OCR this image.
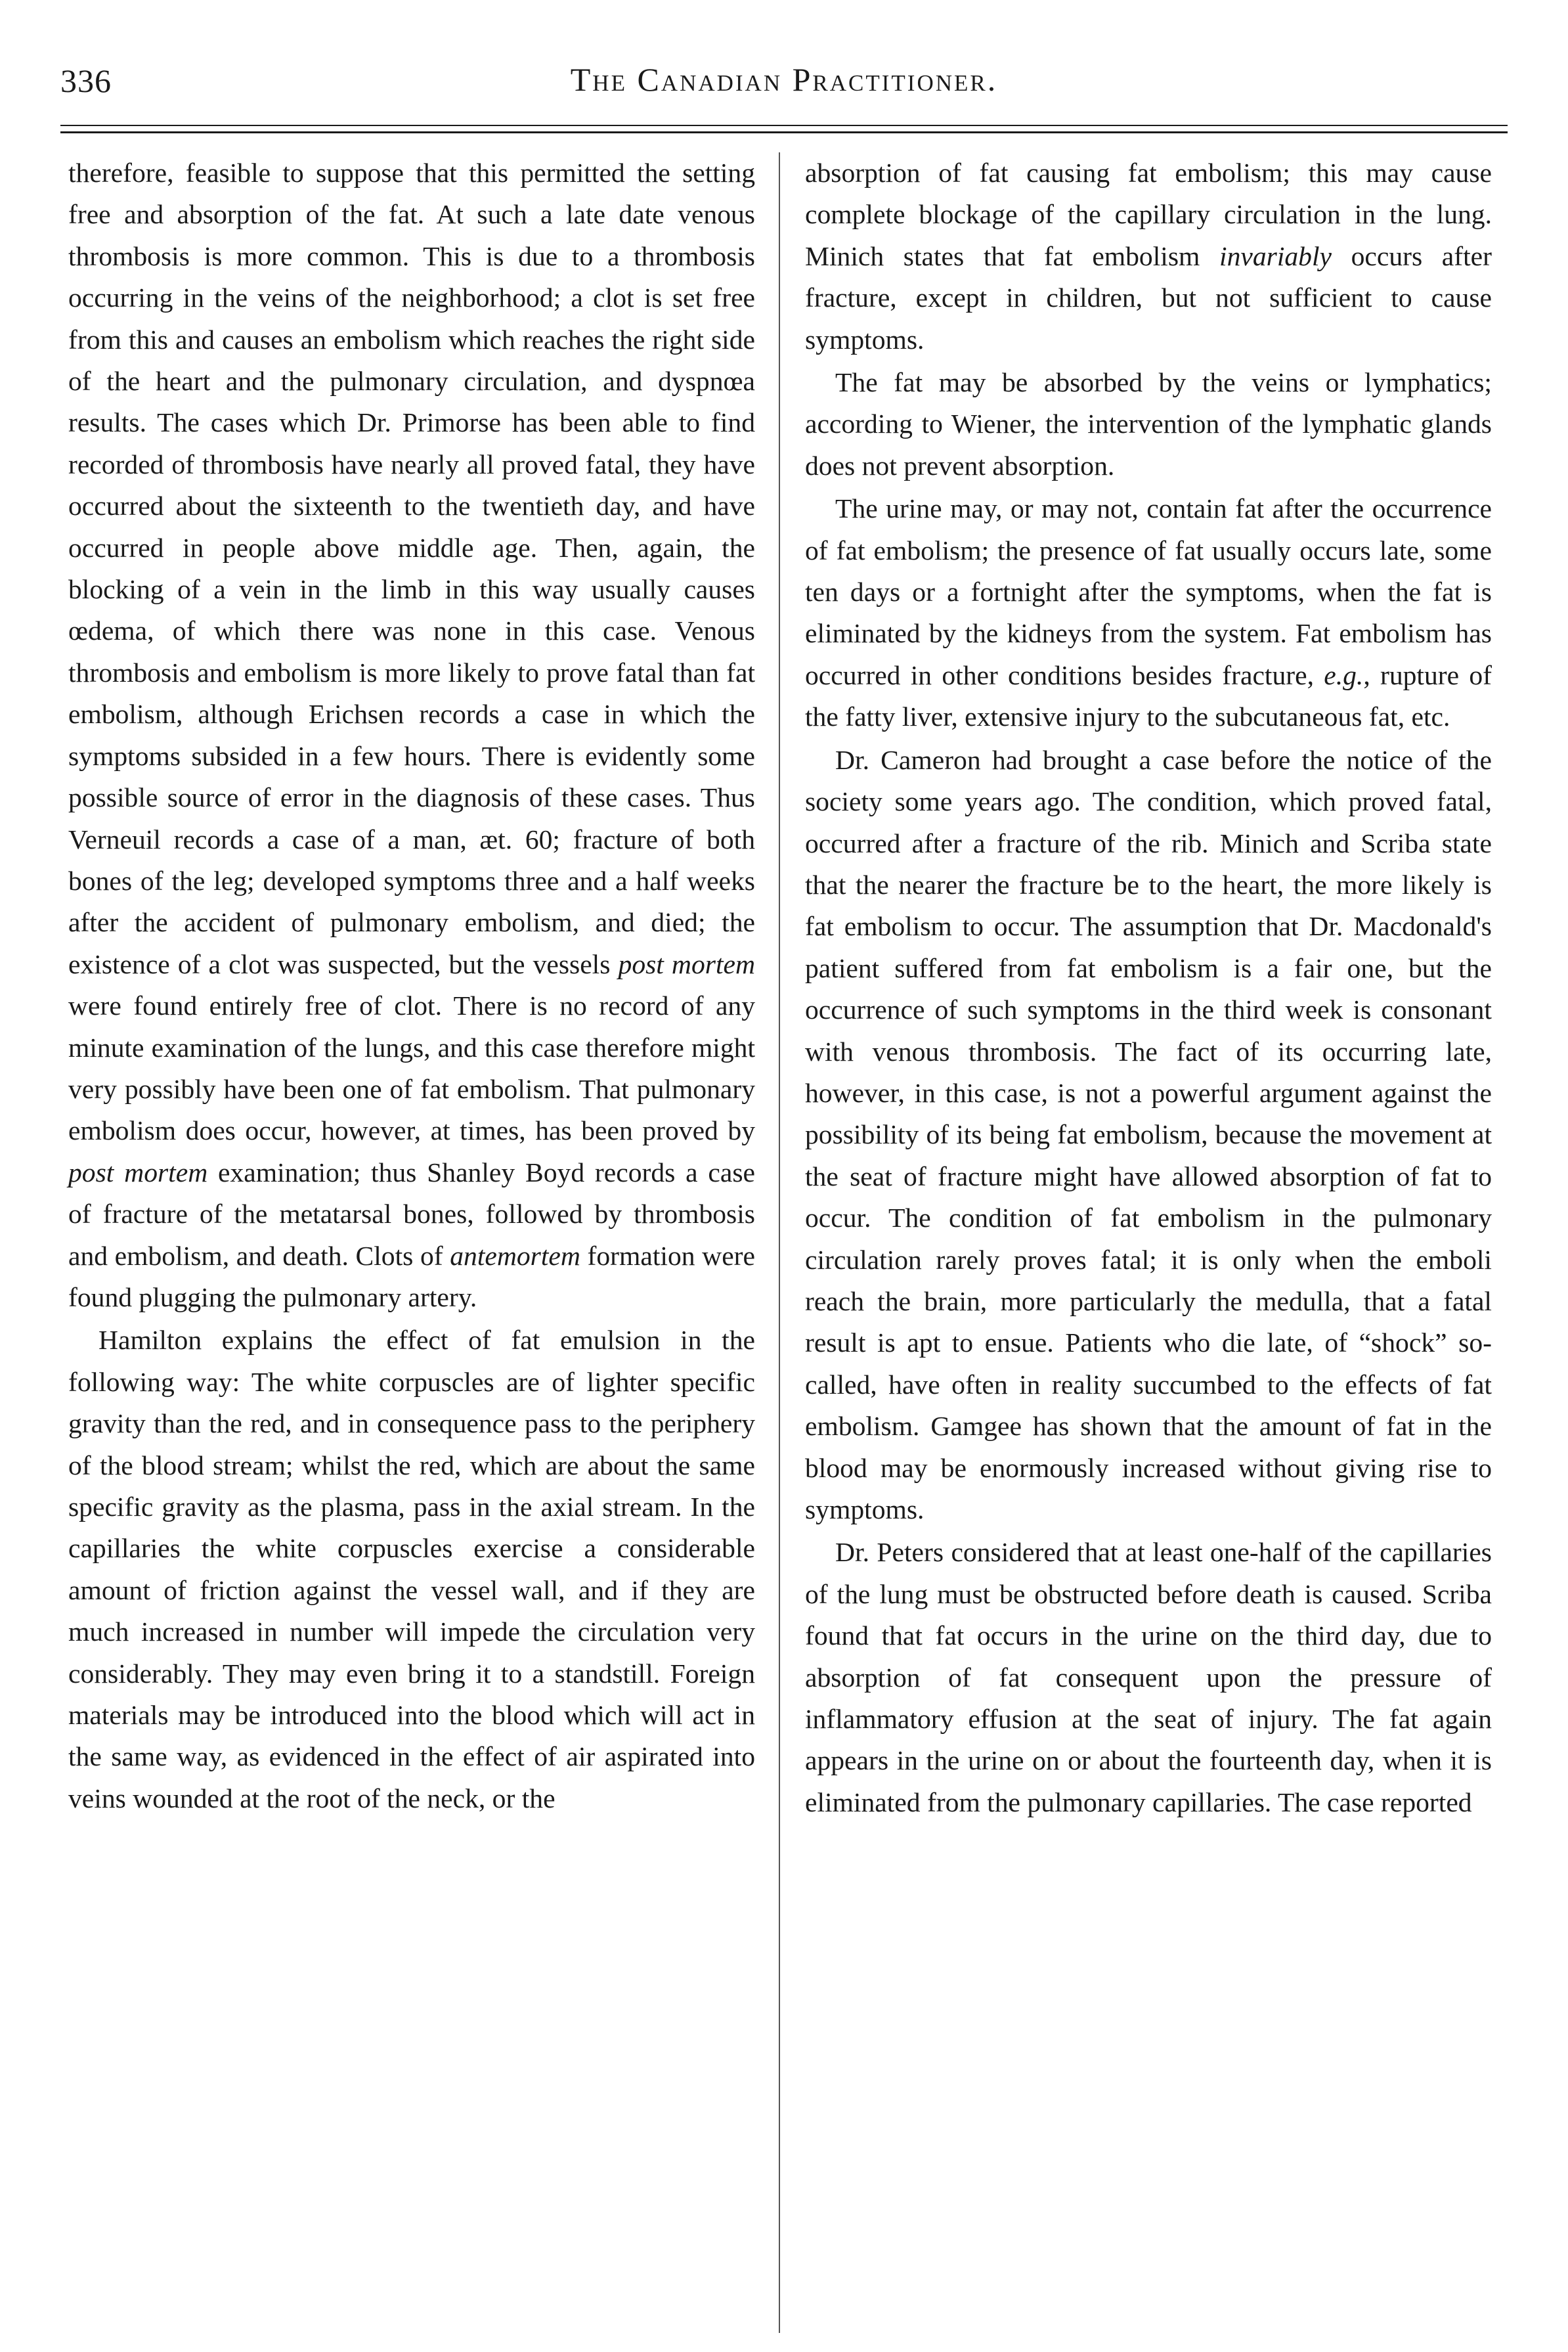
336	The Canadian Practitioner.

therefore, feasible to suppose that this permitted the setting free and absorption of the fat. At such a late date venous thrombosis is more common. This is due to a thrombosis occurring in the veins of the neighborhood; a clot is set free from this and causes an embolism which reaches the right side of the heart and the pulmonary circulation, and dyspnœa results. The cases which Dr. Primorse has been able to find recorded of thrombosis have nearly all proved fatal, they have occurred about the sixteenth to the twentieth day, and have occurred in people above middle age. Then, again, the blocking of a vein in the limb in this way usually causes œdema, of which there was none in this case. Venous thrombosis and embolism is more likely to prove fatal than fat embolism, although Erichsen records a case in which the symptoms subsided in a few hours. There is evidently some possible source of error in the diagnosis of these cases. Thus Verneuil records a case of a man, æt. 60; fracture of both bones of the leg; developed symptoms three and a half weeks after the accident of pulmonary embolism, and died; the existence of a clot was suspected, but the vessels post mortem were found entirely free of clot. There is no record of any minute examination of the lungs, and this case therefore might very possibly have been one of fat embolism. That pulmonary embolism does occur, however, at times, has been proved by post mortem examination; thus Shanley Boyd records a case of fracture of the metatarsal bones, followed by thrombosis and embolism, and death. Clots of antemortem formation were found plugging the pulmonary artery.

Hamilton explains the effect of fat emulsion in the following way: The white corpuscles are of lighter specific gravity than the red, and in consequence pass to the periphery of the blood stream; whilst the red, which are about the same specific gravity as the plasma, pass in the axial stream. In the capillaries the white corpuscles exercise a considerable amount of friction against the vessel wall, and if they are much increased in number will impede the circulation very considerably. They may even bring it to a standstill. Foreign materials may be introduced into the blood which will act in the same way, as evidenced in the effect of air aspirated into veins wounded at the root of the neck, or the

absorption of fat causing fat embolism; this may cause complete blockage of the capillary circulation in the lung. Minich states that fat embolism invariably occurs after fracture, except in children, but not sufficient to cause symptoms.

The fat may be absorbed by the veins or lymphatics; according to Wiener, the intervention of the lymphatic glands does not prevent absorption.

The urine may, or may not, contain fat after the occurrence of fat embolism; the presence of fat usually occurs late, some ten days or a fortnight after the symptoms, when the fat is eliminated by the kidneys from the system. Fat embolism has occurred in other conditions besides fracture, e.g., rupture of the fatty liver, extensive injury to the subcutaneous fat, etc.

Dr. Cameron had brought a case before the notice of the society some years ago. The condition, which proved fatal, occurred after a fracture of the rib. Minich and Scriba state that the nearer the fracture be to the heart, the more likely is fat embolism to occur. The assumption that Dr. Macdonald's patient suffered from fat embolism is a fair one, but the occurrence of such symptoms in the third week is consonant with venous thrombosis. The fact of its occurring late, however, in this case, is not a powerful argument against the possibility of its being fat embolism, because the movement at the seat of fracture might have allowed absorption of fat to occur. The condition of fat embolism in the pulmonary circulation rarely proves fatal; it is only when the emboli reach the brain, more particularly the medulla, that a fatal result is apt to ensue. Patients who die late, of “shock” so-called, have often in reality succumbed to the effects of fat embolism. Gamgee has shown that the amount of fat in the blood may be enormously increased without giving rise to symptoms.

Dr. Peters considered that at least one-half of the capillaries of the lung must be obstructed before death is caused. Scriba found that fat occurs in the urine on the third day, due to absorption of fat consequent upon the pressure of inflammatory effusion at the seat of injury. The fat again appears in the urine on or about the fourteenth day, when it is eliminated from the pulmonary capillaries. The case reported
